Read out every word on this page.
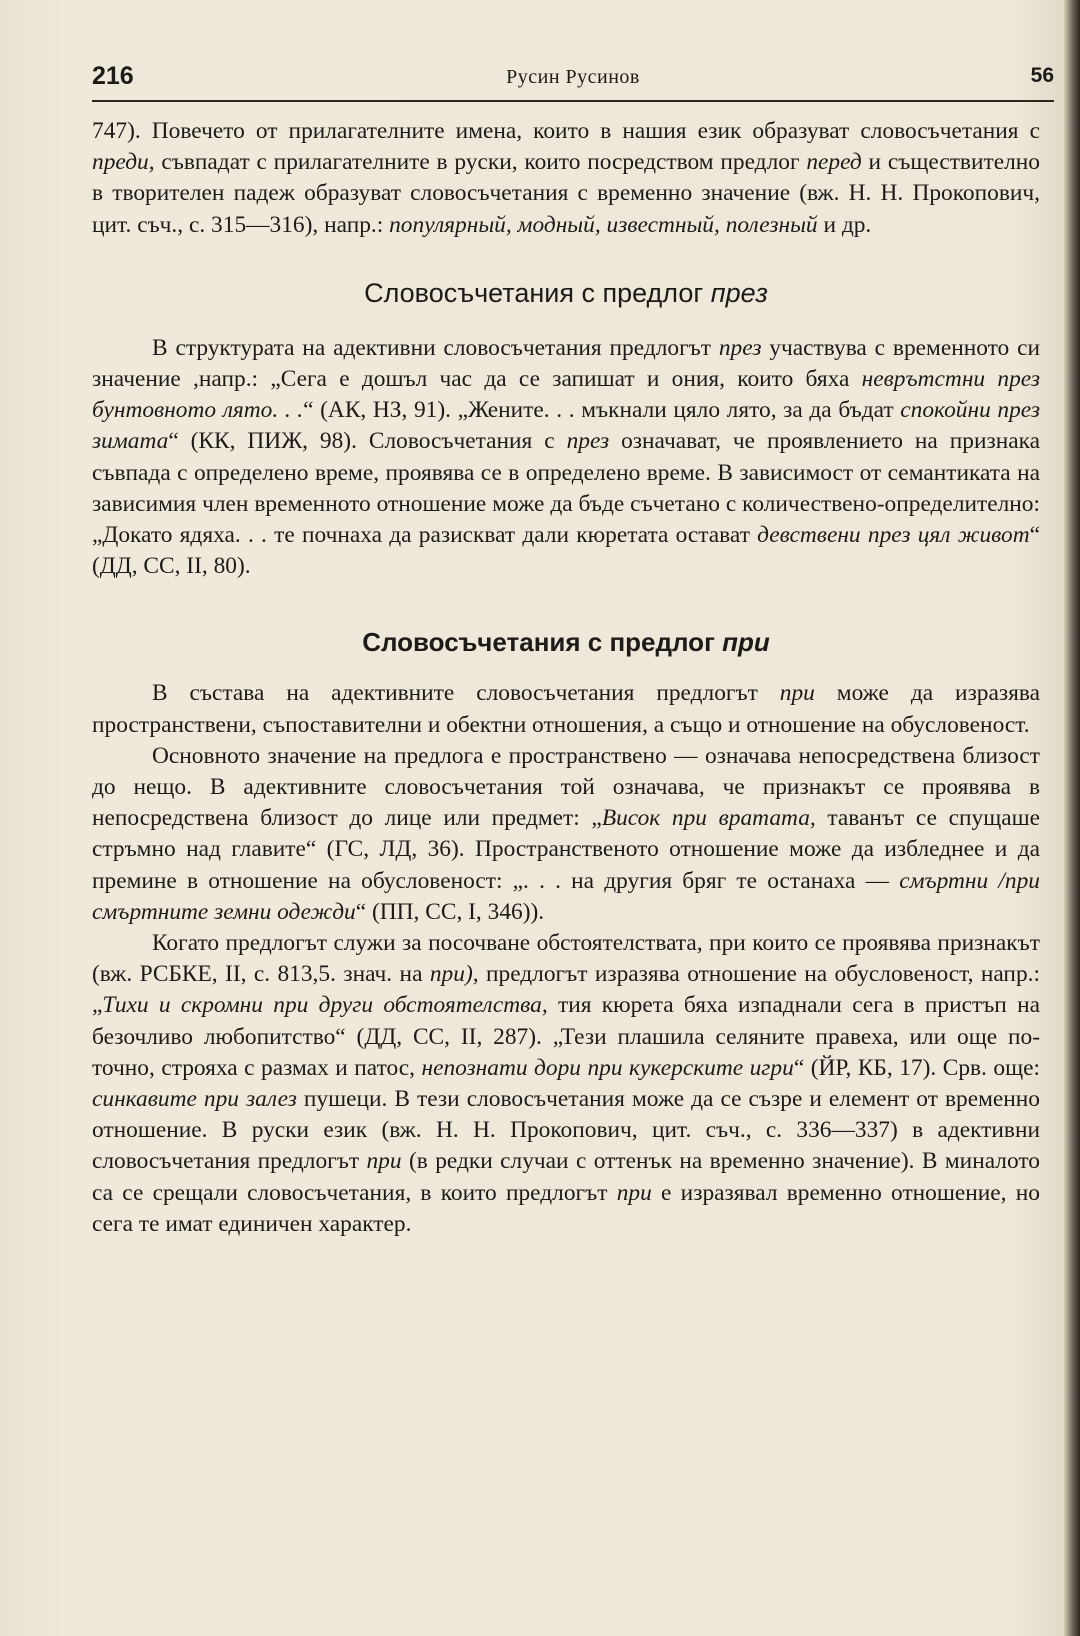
216	Русин Русинов	56

747). Повечето от прилагателните имена, които в нашия език образуват словосъчетания с преди, съвпадат с прилагателните в руски, които посредством предлог перед и съществително в творителен падеж образуват словосъчетания с временно значение (вж. Н. Н. Прокопович, цит. съч., с. 315—316), напр.: популярный, модный, известный, полезный и др.

Словосъчетания с предлог през

В структурата на адективни словосъчетания предлогът през участвува с временното си значение ,напр.: „Сега е дошъл час да се запишат и ония, които бяха неврътстни през бунтовното лято. . .“ (АК, НЗ, 91). „Жените. . . мъкнали цяло лято, за да бъдат спокойни през зимата“ (КК, ПИЖ, 98). Словосъчетания с през означават, че проявлението на признака съвпада с определено време, проявява се в определено време. В зависимост от семантиката на зависимия член временното отношение може да бъде съчетано с количествено-определително: „Докато ядяха. . . те почнаха да разискват дали кюретата остават девствени през цял живот“ (ДД, СС, II, 80).

Словосъчетания с предлог при

В състава на адективните словосъчетания предлогът при може да изразява пространствени, съпоставителни и обектни отношения, а също и отношение на обусловеност.

Основното значение на предлога е пространствено — означава непосредствена близост до нещо. В адективните словосъчетания той означава, че признакът се проявява в непосредствена близост до лице или предмет: „Висок при вратата, таванът се спущаше стръмно над главите“ (ГС, ЛД, 36). Пространственото отношение може да избледнее и да премине в отношение на обусловеност: „. . . на другия бряг те останаха — смъртни /при смъртните земни одежди“ (ПП, СС, I, 346)).

Когато предлогът служи за посочване обстоятелствата, при които се проявява признакът (вж. РСБКЕ, II, с. 813,5. знач. на при), предлогът изразява отношение на обусловеност, напр.: „Тихи и скромни при други обстоятелства, тия кюрета бяха изпаднали сега в пристъп на безочливо любопитство“ (ДД, СС, II, 287). „Тези плашила селяните правеха, или още по-точно, строяха с размах и патос, непознати дори при кукерските игри“ (ЙР, КБ, 17). Срв. още: синкавите при залез пушеци. В тези словосъчетания може да се съзре и елемент от временно отношение. В руски език (вж. Н. Н. Прокопович, цит. съч., с. 336—337) в адективни словосъчетания предлогът при (в редки случаи с оттенък на временно значение). В миналото са се срещали словосъчетания, в които предлогът при е изразявал временно отношение, но сега те имат единичен характер.
